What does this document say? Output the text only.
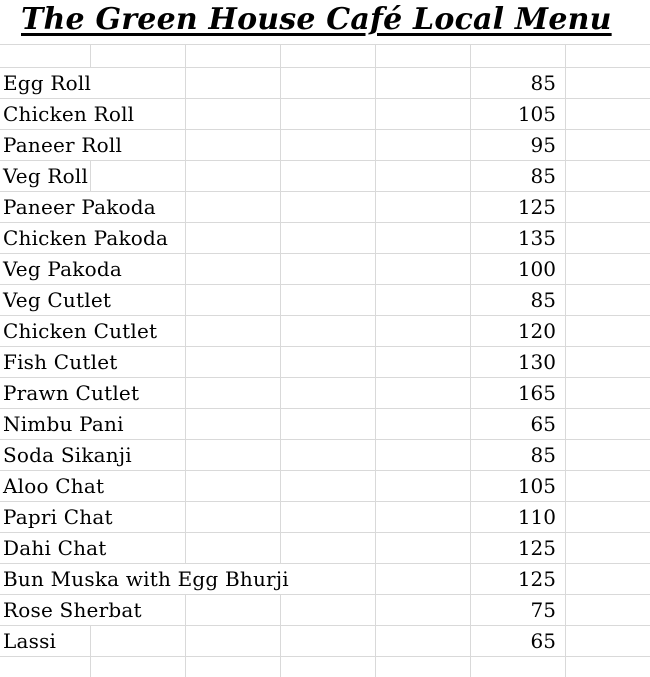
The Green House Café Local Menu
85
Egg Roll
105
Chicken Roll
95
Paneer Roll
85
Veg Roll
125
Paneer Pakoda
135
Chicken Pakoda
100
Veg Pakoda
85
Veg Cutlet
120
Chicken Cutlet
130
Fish Cutlet
165
Prawn Cutlet
65
Nimbu Pani
85
Soda Sikanji
105
Aloo Chat
110
Papri Chat
125
Dahi Chat
125
Bun Muska with Egg Bhurji
75
Rose Sherbat
65
Lassi
